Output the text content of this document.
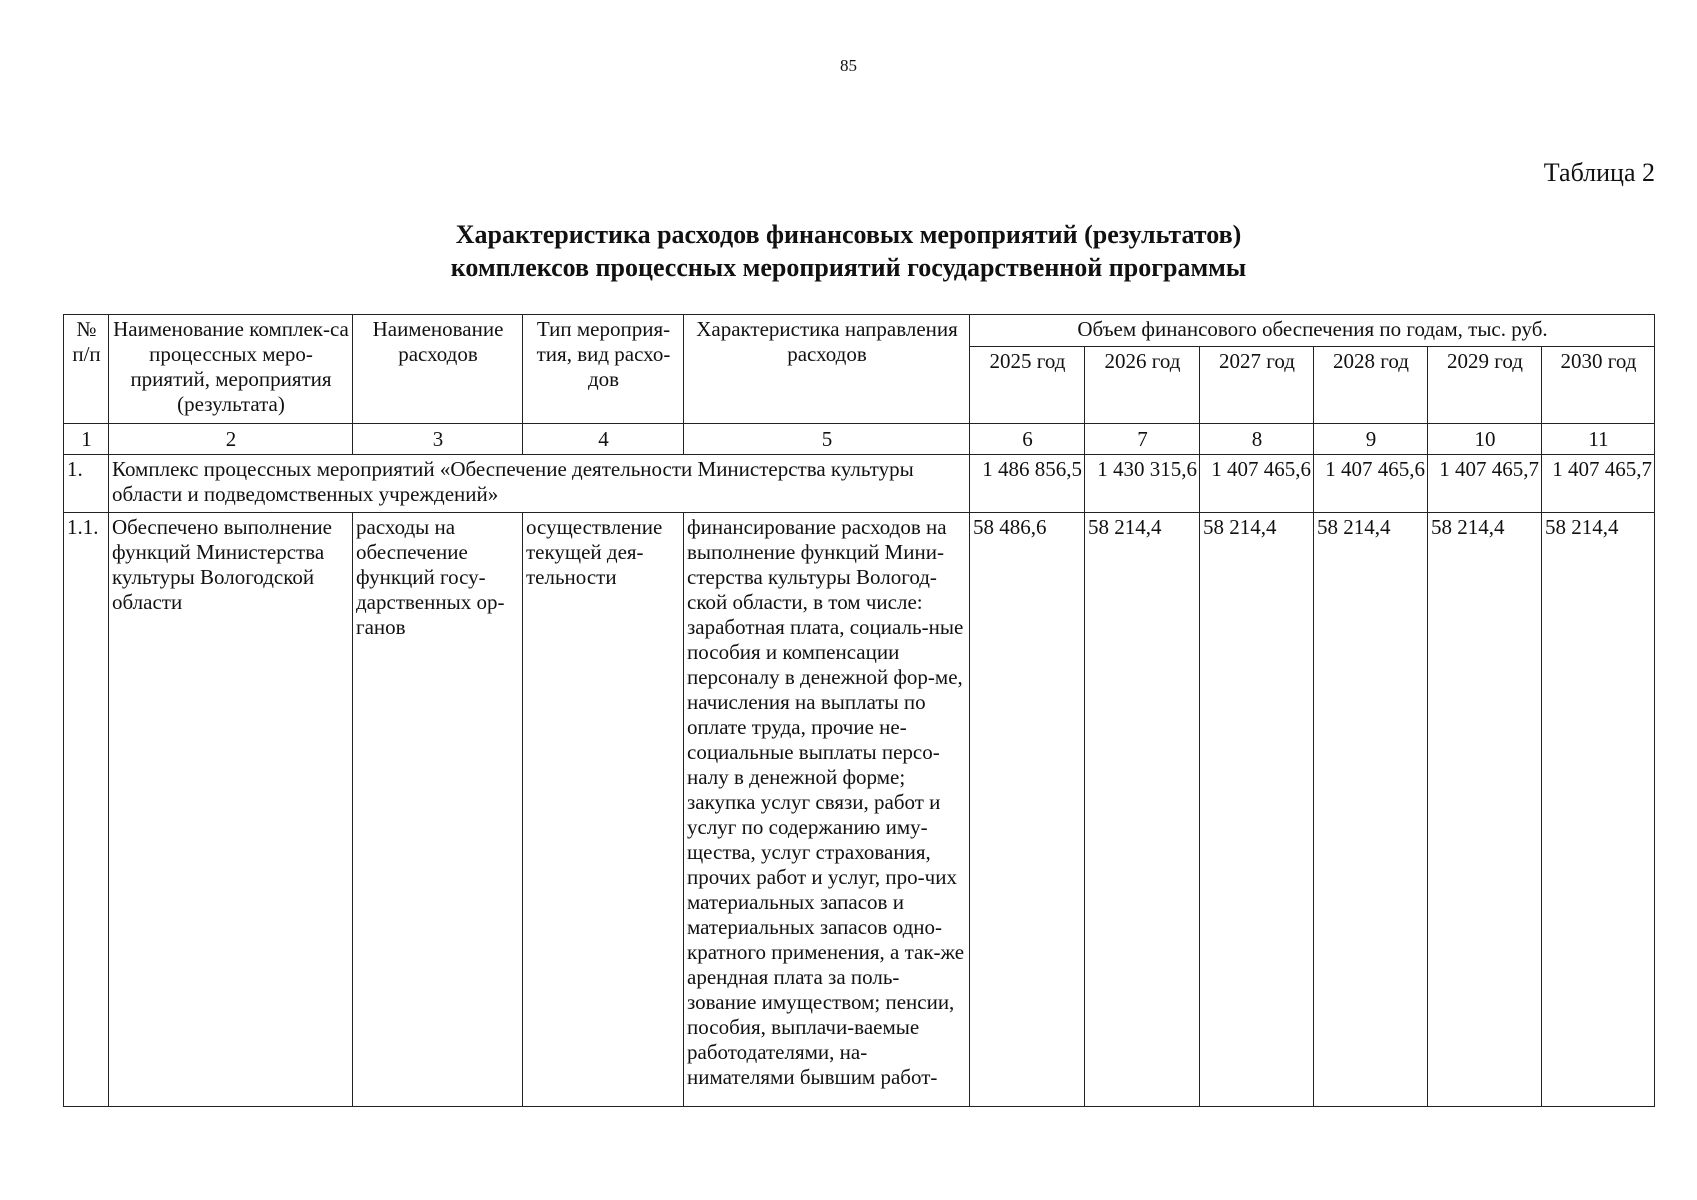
85
Таблица 2
Характеристика расходов финансовых мероприятий (результатов)
комплексов процессных мероприятий государственной программы
№ п/п	Наименование комплек-са процессных меро-приятий, мероприятия (результата)	Наименование расходов	Тип мероприя-тия, вид расхо-дов	Характеристика направления расходов	Объем финансового обеспечения по годам, тыс. руб.					
					2025 год	2026 год	2027 год	2028 год	2029 год	2030 год
1	2	3	4	5	6	7	8	9	10	11
1.	Комплекс процессных мероприятий «Обеспечение деятельности Министерства культуры области и подведомственных учреждений»				1 486 856,5	1 430 315,6	1 407 465,6	1 407 465,6	1 407 465,7	1 407 465,7
1.1.	Обеспечено выполнение функций Министерства культуры Вологодской области	расходы на обеспечение функций госу-дарственных ор-ганов	осуществление текущей дея-тельности	финансирование расходов на выполнение функций Мини-стерства культуры Вологод-ской области, в том числе: заработная плата, социаль-ные пособия и компенсации персоналу в денежной фор-ме, начисления на выплаты по оплате труда, прочие не-социальные выплаты персо-налу в денежной форме; закупка услуг связи, работ и услуг по содержанию иму-щества, услуг страхования, прочих работ и услуг, про-чих материальных запасов и материальных запасов одно-кратного применения, а так-же арендная плата за поль-зование имуществом; пенсии, пособия, выплачи-ваемые работодателями, на-нимателями бывшим работ-	58 486,6	58 214,4	58 214,4	58 214,4	58 214,4	58 214,4
